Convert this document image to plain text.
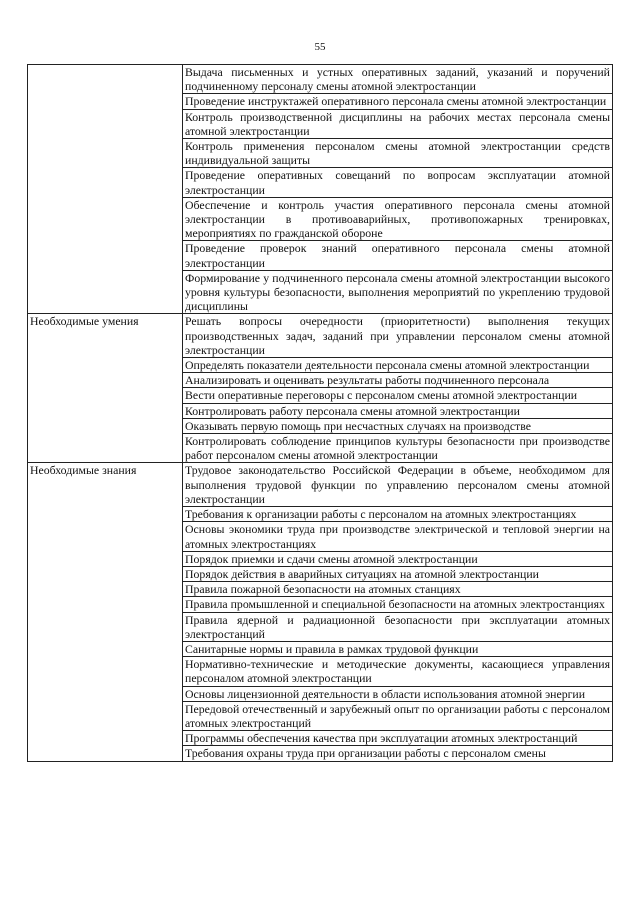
55
	Выдача письменных и устных оперативных заданий, указаний и поручений подчиненному персоналу смены атомной электростанции
	Проведение инструктажей оперативного персонала смены атомной электростанции
	Контроль производственной дисциплины на рабочих местах персонала смены атомной электростанции
	Контроль применения персоналом смены атомной электростанции средств индивидуальной защиты
	Проведение оперативных совещаний по вопросам эксплуатации атомной электростанции
	Обеспечение и контроль участия оперативного персонала смены атомной электростанции в противоаварийных, противопожарных тренировках, мероприятиях по гражданской обороне
	Проведение проверок знаний оперативного персонала смены атомной электростанции
	Формирование у подчиненного персонала смены атомной электростанции высокого уровня культуры безопасности, выполнения мероприятий по укреплению трудовой дисциплины
Необходимые умения	Решать вопросы очередности (приоритетности) выполнения текущих производственных задач, заданий при управлении персоналом смены атомной электростанции
	Определять показатели деятельности персонала смены атомной электростанции
	Анализировать и оценивать результаты работы подчиненного персонала
	Вести оперативные переговоры с персоналом смены атомной электростанции
	Контролировать работу персонала смены атомной электростанции
	Оказывать первую помощь при несчастных случаях на производстве
	Контролировать соблюдение принципов культуры безопасности при производстве работ персоналом смены атомной электростанции
Необходимые знания	Трудовое законодательство Российской Федерации в объеме, необходимом для выполнения трудовой функции по управлению персоналом смены атомной электростанции
	Требования к организации работы с персоналом на атомных электростанциях
	Основы экономики труда при производстве электрической и тепловой энергии на атомных электростанциях
	Порядок приемки и сдачи смены атомной электростанции
	Порядок действия в аварийных ситуациях на атомной электростанции
	Правила пожарной безопасности на атомных станциях
	Правила промышленной и специальной безопасности на атомных электростанциях
	Правила ядерной и радиационной безопасности при эксплуатации атомных электростанций
	Санитарные нормы и правила в рамках трудовой функции
	Нормативно-технические и методические документы, касающиеся управления персоналом атомной электростанции
	Основы лицензионной деятельности в области использования атомной энергии
	Передовой отечественный и зарубежный опыт по организации работы с персоналом атомных электростанций
	Программы обеспечения качества при эксплуатации атомных электростанций
	Требования охраны труда при организации работы с персоналом смены
